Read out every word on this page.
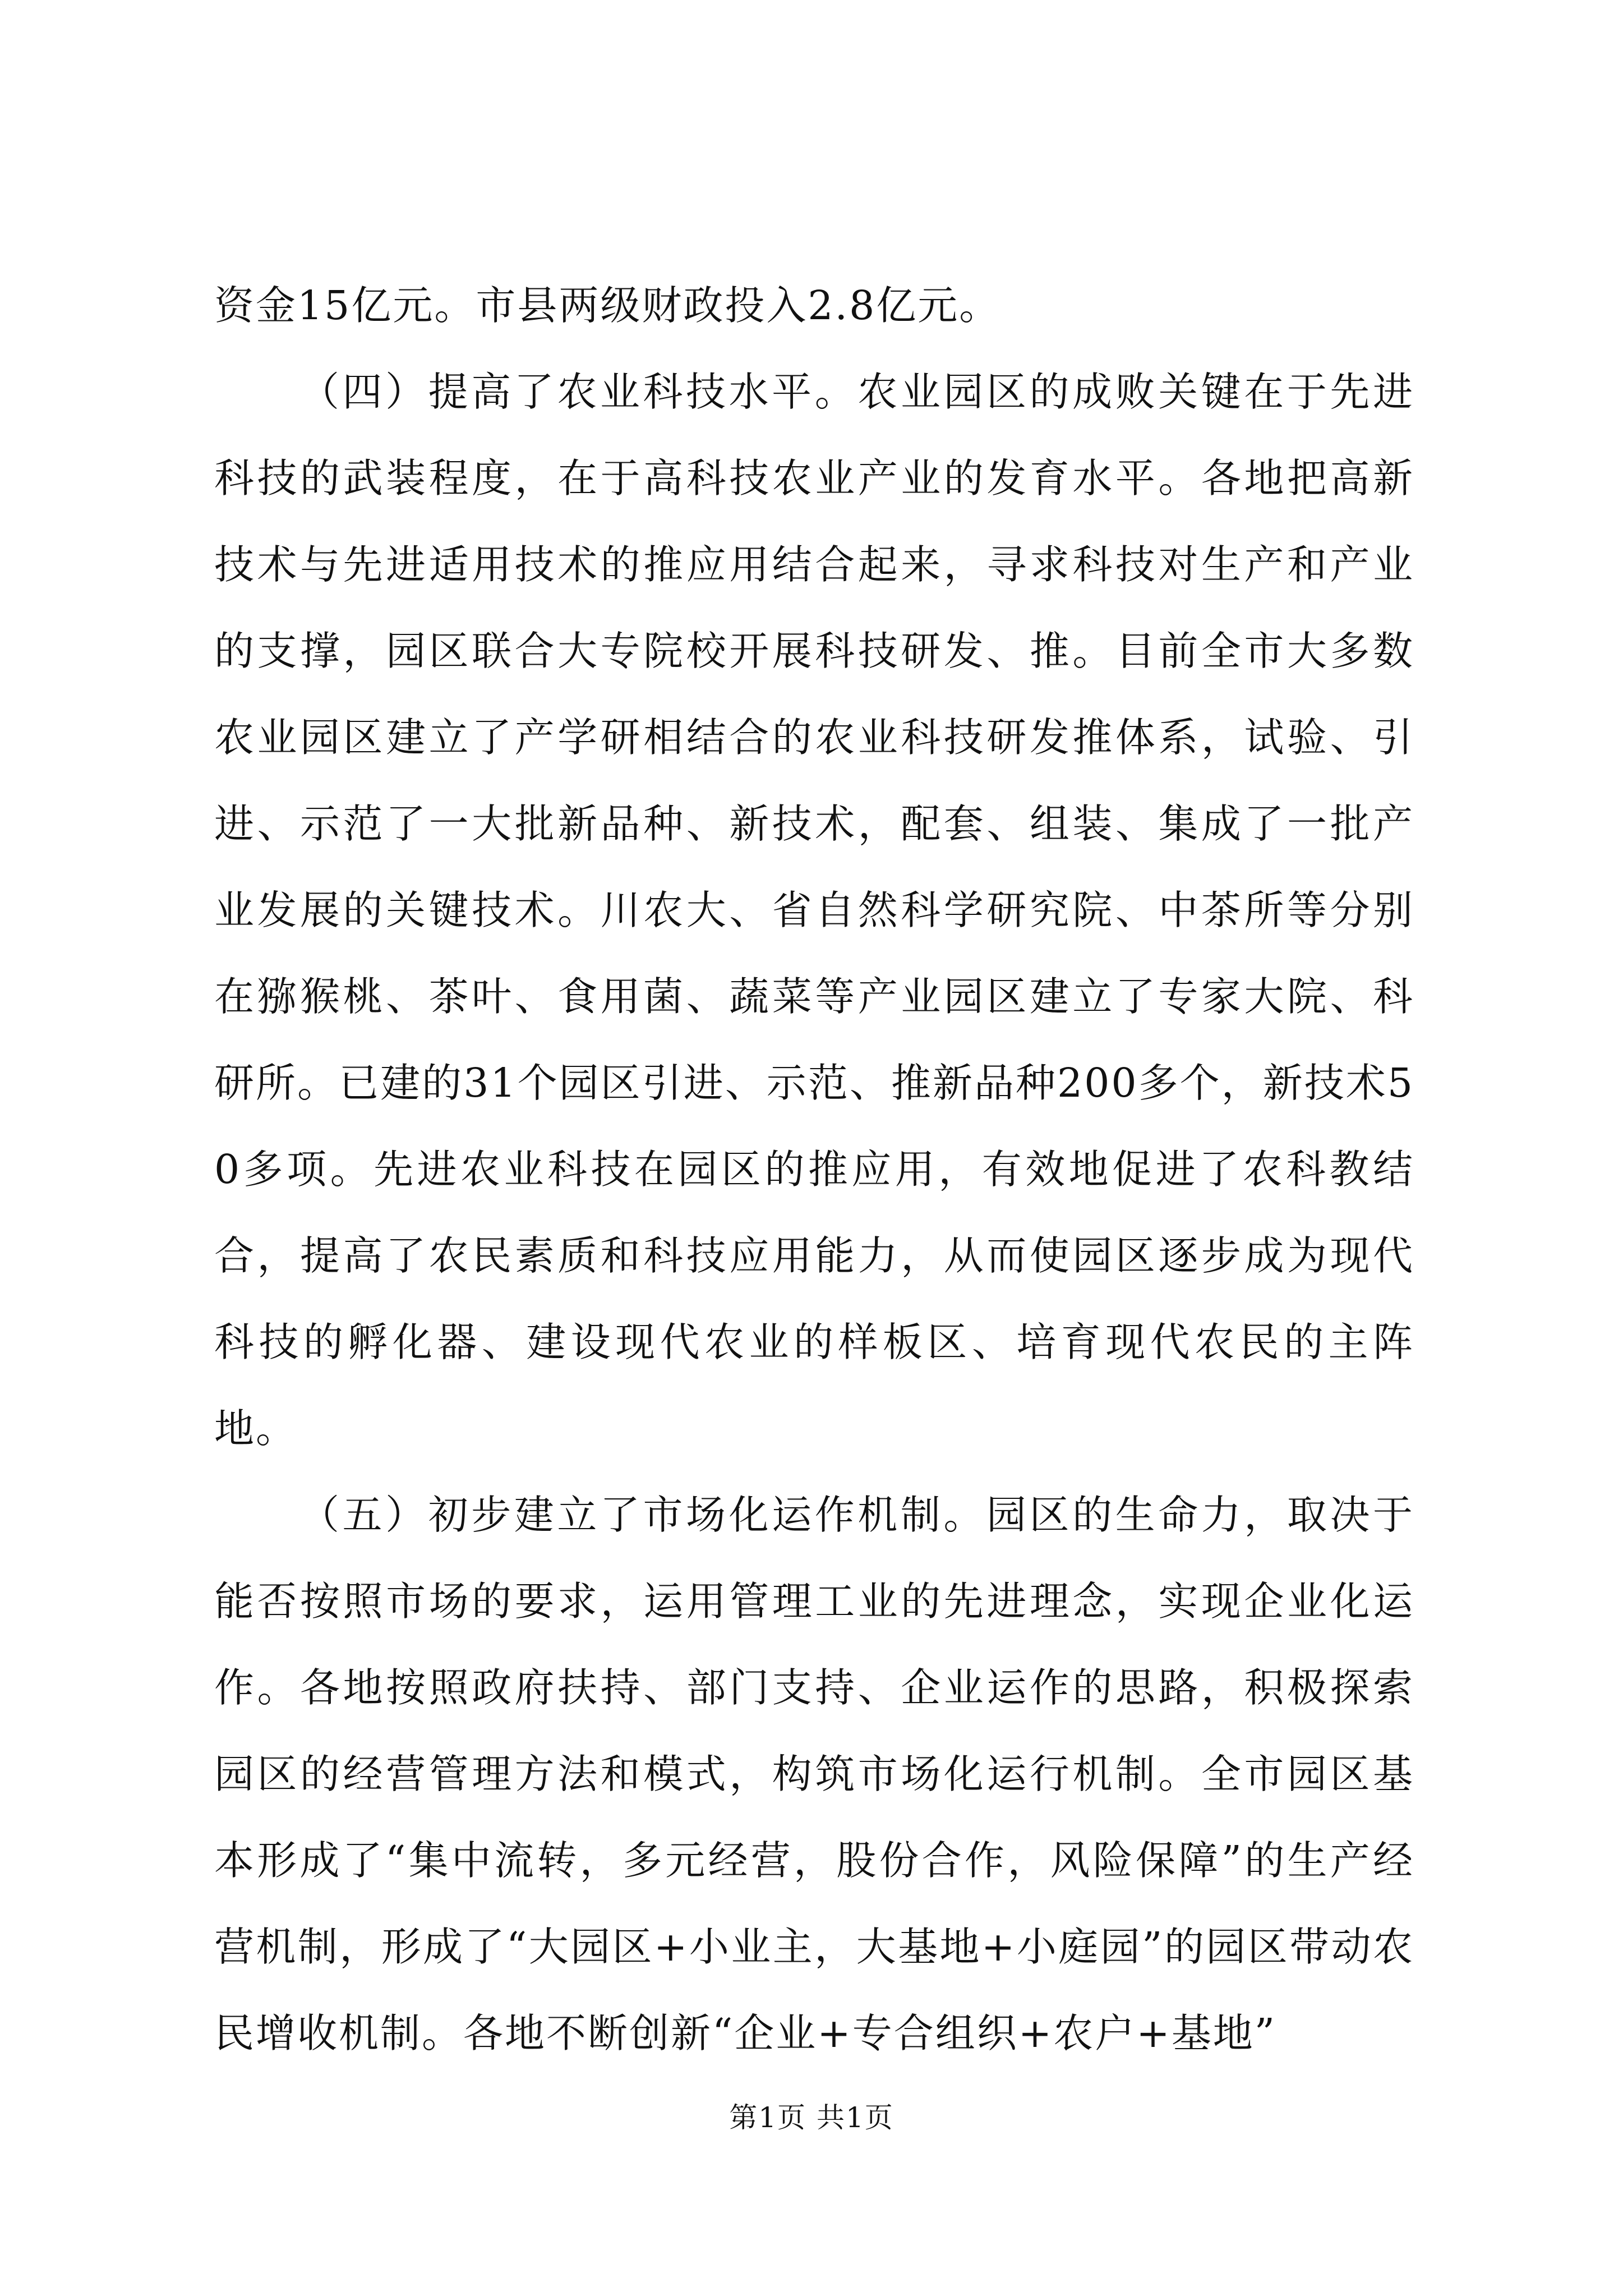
资金15亿元。市县两级财政投入2.8亿元。

（四）提高了农业科技水平。农业园区的成败关键在于先进科技的武装程度，在于高科技农业产业的发育水平。各地把高新技术与先进适用技术的推应用结合起来，寻求科技对生产和产业的支撑，园区联合大专院校开展科技研发、推。目前全市大多数农业园区建立了产学研相结合的农业科技研发推体系，试验、引进、示范了一大批新品种、新技术，配套、组装、集成了一批产业发展的关键技术。川农大、省自然科学研究院、中茶所等分别在猕猴桃、茶叶、食用菌、蔬菜等产业园区建立了专家大院、科研所。已建的31个园区引进、示范、推新品种200多个，新技术50多项。先进农业科技在园区的推应用，有效地促进了农科教结合，提高了农民素质和科技应用能力，从而使园区逐步成为现代科技的孵化器、建设现代农业的样板区、培育现代农民的主阵地。

（五）初步建立了市场化运作机制。园区的生命力，取决于能否按照市场的要求，运用管理工业的先进理念，实现企业化运作。各地按照政府扶持、部门支持、企业运作的思路，积极探索园区的经营管理方法和模式，构筑市场化运行机制。全市园区基本形成了“集中流转，多元经营，股份合作，风险保障”的生产经营机制，形成了“大园区+小业主，大基地+小庭园”的园区带动农民增收机制。各地不断创新“企业+专合组织+农户+基地”

第1页 共1页
